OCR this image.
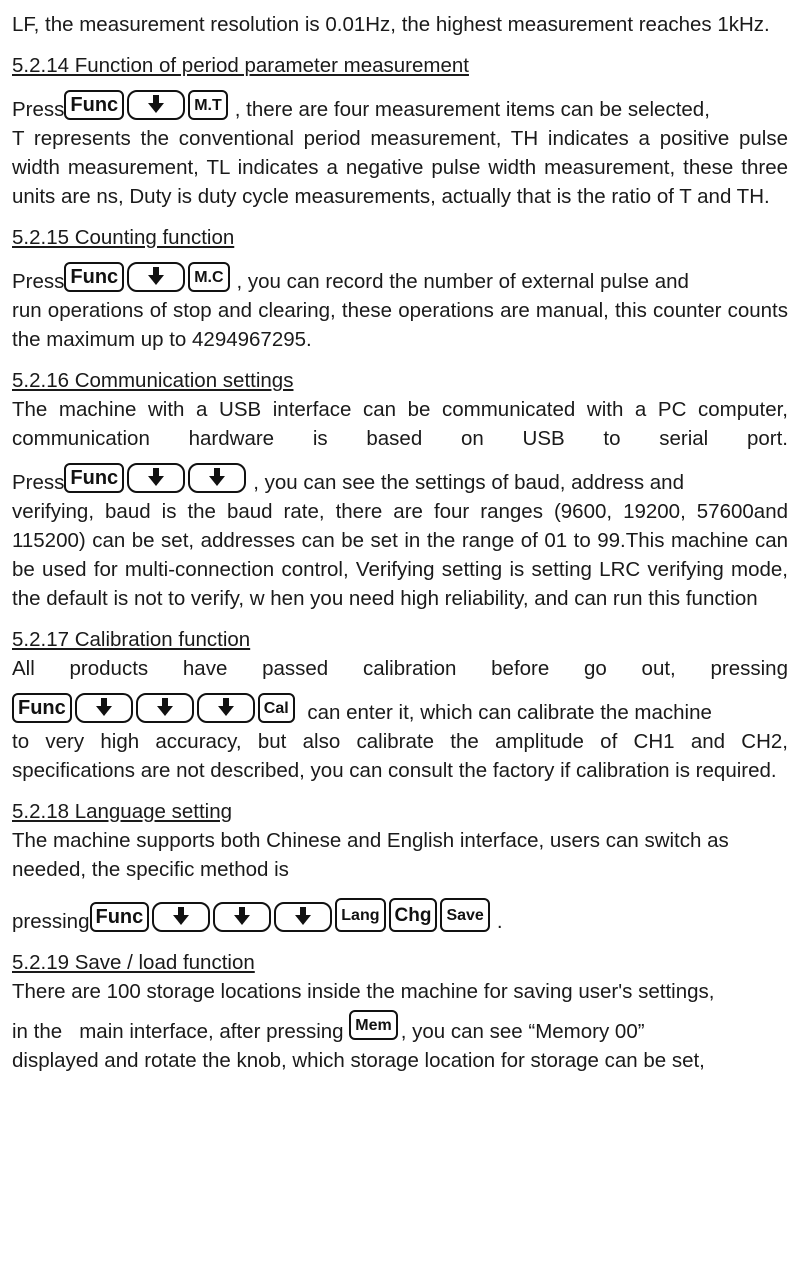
LF, the measurement resolution is 0.01Hz, the highest measurement reaches 1kHz.

5.2.14 Function of period parameter measurement

Press Func	M.T , there are four measurement items can be selected,

T represents the conventional period measurement, TH indicates a positive pulse width measurement, TL indicates a negative pulse width measurement, these three units are ns, Duty is duty cycle measurements, actually that is the ratio of T and TH.

5.2.15 Counting function

Press Func	M.C , you can record the number of external pulse and

run operations of stop and clearing, these operations are manual, this counter counts the maximum up to 4294967295.

5.2.16 Communication settings

The machine with a USB interface can be communicated with a PC computer, communication hardware is based on USB to serial port.

Press Func	, you can see the settings of baud, address and

verifying, baud is the baud rate, there are four ranges (9600, 19200, 57600and 115200) can be set, addresses can be set in the range of 01 to 99.This machine can be used for multi-connection control, Verifying setting is setting LRC verifying mode, the default is not to verify, w hen you need high reliability, and can run this function

5.2.17 Calibration function

All products have passed calibration before go out, pressing

Func	Cal can enter it, which can calibrate the machine

to very high accuracy, but also calibrate the amplitude of CH1 and CH2, specifications are not described, you can consult the factory if calibration is required.

5.2.18 Language setting

The machine supports both Chinese and English interface, users can switch as needed, the specific method is

pressing Func	Lang Chg Save .

5.2.19 Save / load function

There are 100 storage locations inside the machine for saving user's settings,

in the   main interface, after pressing Mem , you can see “Memory 00”

displayed and rotate the knob, which storage location for storage can be set,
